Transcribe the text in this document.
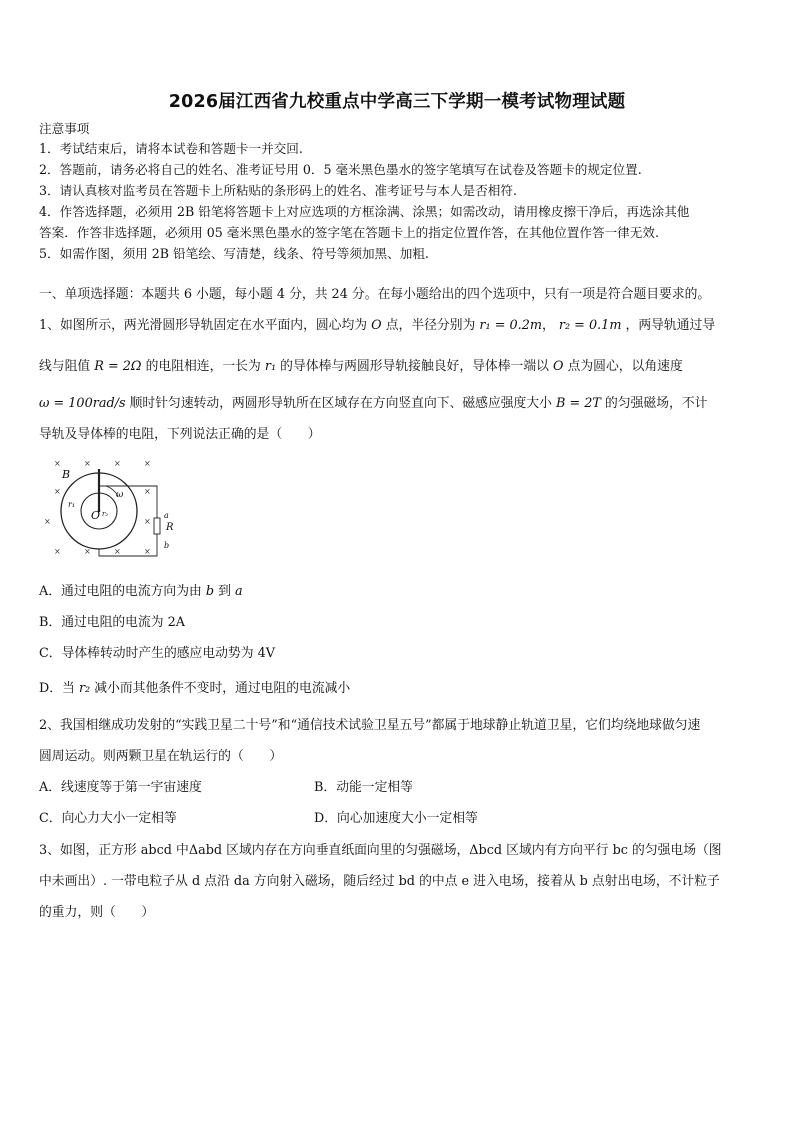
2026届江西省九校重点中学高三下学期一模考试物理试题
注意事项
1．考试结束后，请将本试卷和答题卡一并交回.
2．答题前，请务必将自己的姓名、准考证号用 0．5 毫米黑色墨水的签字笔填写在试卷及答题卡的规定位置.
3．请认真核对监考员在答题卡上所粘贴的条形码上的姓名、准考证号与本人是否相符.
4．作答选择题，必须用 2B 铅笔将答题卡上对应选项的方框涂满、涂黑；如需改动，请用橡皮擦干净后，再选涂其他
答案．作答非选择题，必须用 05 毫米黑色墨水的签字笔在答题卡上的指定位置作答，在其他位置作答一律无效.
5．如需作图，须用 2B 铅笔绘、写清楚，线条、符号等须加黑、加粗.
一、单项选择题：本题共 6 小题，每小题 4 分，共 24 分。在每小题给出的四个选项中，只有一项是符合题目要求的。
1、如图所示，两光滑圆形导轨固定在水平面内，圆心均为 O 点，半径分别为 r₁ = 0.2m， r₂ = 0.1m ，两导轨通过导
线与阻值 R = 2Ω 的电阻相连，一长为 r₁ 的导体棒与两圆形导轨接触良好，导体棒一端以 O 点为圆心，以角速度
ω = 100rad/s 顺时针匀速转动，两圆形导轨所在区域存在方向竖直向下、磁感应强度大小 B = 2T 的匀强磁场，不计
导轨及导体棒的电阻，下列说法正确的是（　　）
×	×	×	×
×	×
×	×
×	×	×	×
B
ω
O
r₁
r₂	a
R
b
A．通过电阻的电流方向为由 b 到 a
B．通过电阻的电流为 2A
C．导体棒转动时产生的感应电动势为 4V
D．当 r₂ 减小而其他条件不变时，通过电阻的电流减小
2、我国相继成功发射的“实践卫星二十号”和“通信技术试验卫星五号”都属于地球静止轨道卫星，它们均绕地球做匀速
圆周运动。则两颗卫星在轨运行的（　　）
A．线速度等于第一宇宙速度	B．动能一定相等
C．向心力大小一定相等	D．向心加速度大小一定相等
3、如图，正方形 abcd 中Δabd 区域内存在方向垂直纸面向里的匀强磁场，Δbcd 区域内有方向平行 bc 的匀强电场（图
中未画出）. 一带电粒子从 d 点沿 da 方向射入磁场，随后经过 bd 的中点 e 进入电场，接着从 b 点射出电场，不计粒子
的重力，则（　　）
